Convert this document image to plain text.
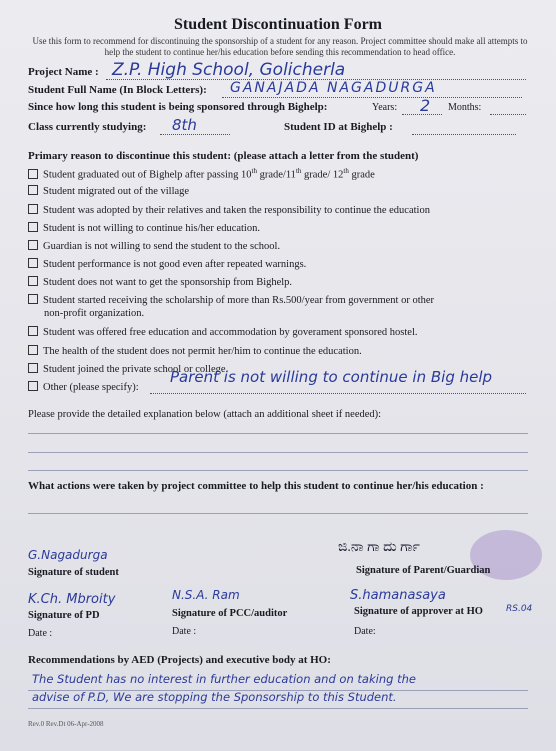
Student Discontinuation Form
Use this form to recommend for discontinuing the sponsorship of a student for any reason. Project committee should make all attempts to help the student to continue her/his education before sending this recommendation to head office.
Project Name : Z.P. High School, Golicherla
Student Full Name (In Block Letters): GANAJADA NAGADURGA
Since how long this student is being sponsored through Bighelp:	Years: 2 Months:
Class currently studying: 8th	Student ID at Bighelp :
Primary reason to discontinue this student: (please attach a letter from the student)
Student graduated out of Bighelp after passing 10th grade/11th grade/ 12th grade
Student migrated out of the village
Student was adopted by their relatives and taken the responsibility to continue the education
Student is not willing to continue his/her education.
Guardian is not willing to send the student to the school.
Student performance is not good even after repeated warnings.
Student does not want to get the sponsorship from Bighelp.
Student started receiving the scholarship of more than Rs.500/year from government or other
non-profit organization.
Student was offered free education and accommodation by goverament sponsored hostel.
The health of the student does not permit her/him to continue the education.
Student joined the private school or college.
Other (please specify):
Parent is not willing to continue in Big help
Please provide the detailed explanation below (attach an additional sheet if needed):
What actions were taken by project committee to help this student to continue her/his education :
G.Nagadurga
Signature of student
ಜಿ.ನಾ ಗಾ ದು ರ್ಗಾ
Signature of Parent/Guardian
K.Ch. Mbroity
Signature of PD
Date :
N.S.A. Ram
Signature of PCC/auditor
Date :
S.hamanasaya
Signature of approver at HO	RS.04
Date:
Recommendations by AED (Projects) and executive body at HO:
The Student has no interest in further education and on taking the
advise of P.D, We are stopping the Sponsorship to this Student.
Rev.0 Rev.Dt 06-Apr-2008
